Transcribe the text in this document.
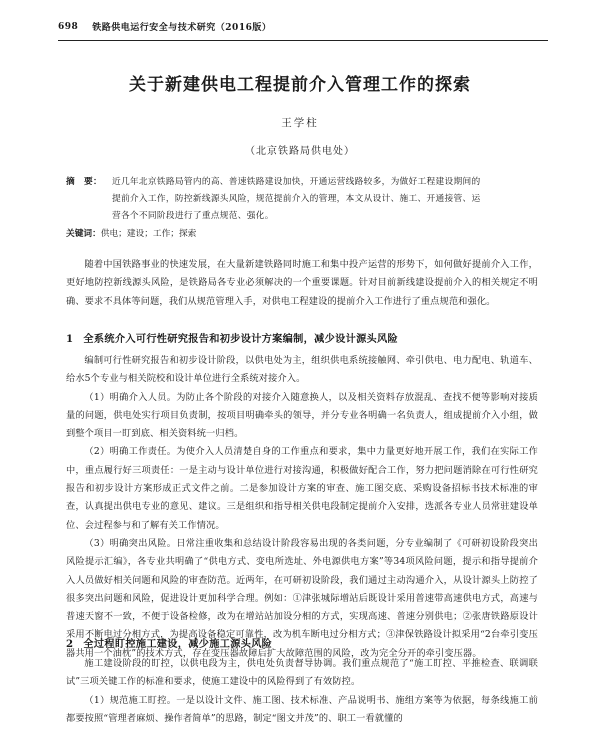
698 铁路供电运行安全与技术研究（2016版）
关于新建供电工程提前介入管理工作的探索
王学柱
（北京铁路局供电处）
摘　要： 近几年北京铁路局管内的高、普速铁路建设加快，开通运营线路较多，为做好工程建设期间的
提前介入工作，防控新线源头风险，规范提前介入的管理，本文从设计、施工、开通接管、运
营各个不同阶段进行了重点规范、强化。
关键词：供电；建设；工作；探索

随着中国铁路事业的快速发展，在大量新建铁路同时施工和集中投产运营的形势下，如何做好提前介入工作，更好地防控新线源头风险，是铁路局各专业必须解决的一个重要课题。针对目前新线建设提前介入的相关规定不明确、要求不具体等问题，我们从规范管理入手，对供电工程建设的提前介入工作进行了重点规范和强化。

1 全系统介入可行性研究报告和初步设计方案编制，减少设计源头风险

编制可行性研究报告和初步设计阶段，以供电处为主，组织供电系统接触网、牵引供电、电力配电、轨道车、给水5个专业与相关院校和设计单位进行全系统对接介入。

（1）明确介入人员。为防止各个阶段的对接介入随意换人，以及相关资料存放混乱、查找不便等影响对接质量的问题，供电处实行项目负责制，按项目明确牵头的领导，并分专业各明确一名负责人，组成提前介入小组，做到整个项目一盯到底、相关资料统一归档。

（2）明确工作责任。为使介入人员清楚自身的工作重点和要求，集中力量更好地开展工作，我们在实际工作中，重点履行好三项责任：一是主动与设计单位进行对接沟通，积极做好配合工作，努力把问题消除在可行性研究报告和初步设计方案形成正式文件之前。二是参加设计方案的审查、施工图交底、采购设备招标书技术标准的审查，认真提出供电专业的意见、建议。三是组织和指导相关供电段制定提前介入安排，选派各专业人员常驻建设单位、会过程参与和了解有关工作情况。

（3）明确突出风险。日常注重收集和总结设计阶段容易出现的各类问题，分专业编制了《可研初设阶段突出风险提示汇编》，各专业共明确了“供电方式、变电所选址、外电源供电方案”等34项风险问题，提示和指导提前介入人员做好相关问题和风险的审查防范。近两年，在可研初设阶段，我们通过主动沟通介入，从设计源头上防控了很多突出问题和风险，促进设计更加科学合理。例如：①津张城际增站后既设计采用普速带高速供电方式，高速与普速天窗不一致，不便于设备检修，改为在增站站加设分相的方式，实现高速、普速分别供电；②张唐铁路原设计采用不断电过分相方式，为提高设备稳定可靠性，改为机车断电过分相方式；③津保铁路设计拟采用“2台牵引变压器共用一个油枕”的技术方式，存在变压器故障后扩大故障范围的风险，改为完全分开的牵引变压器。

2 全过程盯控施工建设，减少施工源头风险

施工建设阶段的盯控，以供电段为主，供电处负责督导协调。我们重点规范了“施工盯控、平推检查、联调联试”三项关键工作的标准和要求，使施工建设中的风险得到了有效防控。

（1）规范施工盯控。一是以设计文件、施工图、技术标准、产品说明书、施组方案等为依据，每条线施工前都要按照“管理者麻烦、操作者简单”的思路，制定“图文并茂”的、职工一看就懂的
